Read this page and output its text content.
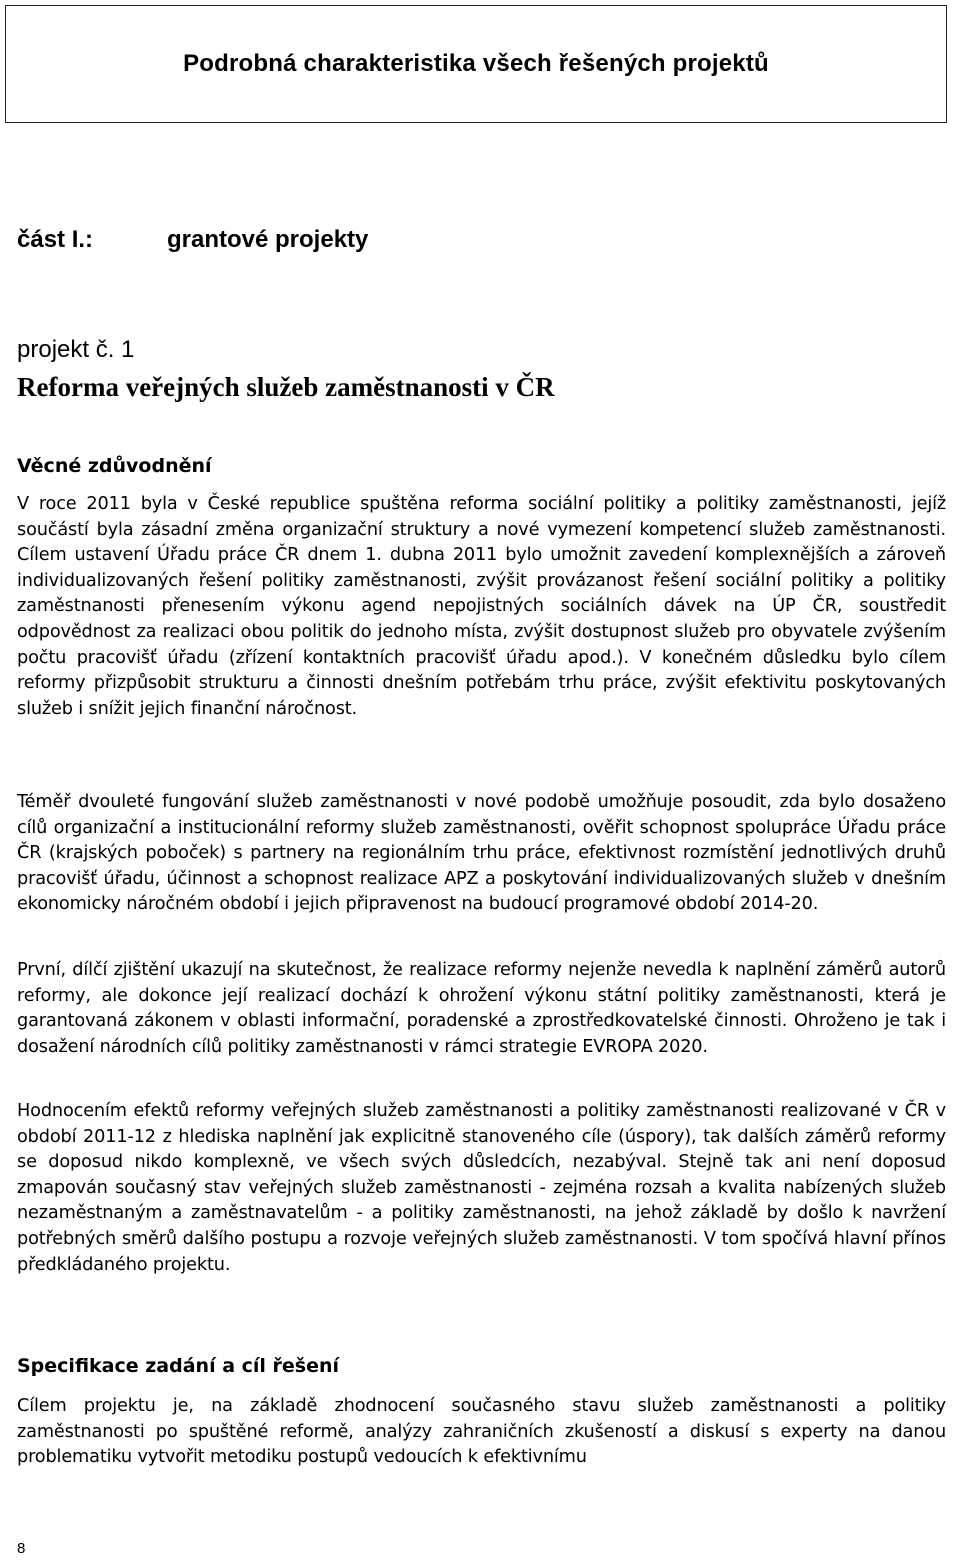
Podrobná charakteristika všech řešených projektů
část I.:	grantové projekty
projekt č. 1
Reforma veřejných služeb zaměstnanosti v ČR
Věcné zdůvodnění

V roce 2011 byla v České republice spuštěna reforma sociální politiky a politiky zaměstnanosti, jejíž součástí byla zásadní změna organizační struktury a nové vymezení kompetencí služeb zaměstnanosti. Cílem ustavení Úřadu práce ČR dnem 1. dubna 2011 bylo umožnit zavedení komplexnějších a zároveň individualizovaných řešení politiky zaměstnanosti, zvýšit provázanost řešení sociální politiky a politiky zaměstnanosti přenesením výkonu agend nepojistných sociálních dávek na ÚP ČR, soustředit odpovědnost za realizaci obou politik do jednoho místa, zvýšit dostupnost služeb pro obyvatele zvýšením počtu pracovišť úřadu (zřízení kontaktních pracovišť úřadu apod.). V konečném důsledku bylo cílem reformy přizpůsobit strukturu a činnosti dnešním potřebám trhu práce, zvýšit efektivitu poskytovaných služeb i snížit jejich finanční náročnost.

Téměř dvouleté fungování služeb zaměstnanosti v nové podobě umožňuje posoudit, zda bylo dosaženo cílů organizační a institucionální reformy služeb zaměstnanosti, ověřit schopnost spolupráce Úřadu práce ČR (krajských poboček) s partnery na regionálním trhu práce, efektivnost rozmístění jednotlivých druhů pracovišť úřadu, účinnost a schopnost realizace APZ a poskytování individualizovaných služeb v dnešním ekonomicky náročném období i jejich připravenost na budoucí programové období 2014-20.

První, dílčí zjištění ukazují na skutečnost, že realizace reformy nejenže nevedla k naplnění záměrů autorů reformy, ale dokonce její realizací dochází k ohrožení výkonu státní politiky zaměstnanosti, která je garantovaná zákonem v oblasti informační, poradenské a zprostředkovatelské činnosti. Ohroženo je tak i dosažení národních cílů politiky zaměstnanosti v rámci strategie EVROPA 2020.

Hodnocením efektů reformy veřejných služeb zaměstnanosti a politiky zaměstnanosti realizované v ČR v období 2011-12 z hlediska naplnění jak explicitně stanoveného cíle (úspory), tak dalších záměrů reformy se doposud nikdo komplexně, ve všech svých důsledcích, nezabýval. Stejně tak ani není doposud zmapován současný stav veřejných služeb zaměstnanosti - zejména rozsah a kvalita nabízených služeb nezaměstnaným a zaměstnavatelům - a politiky zaměstnanosti, na jehož základě by došlo k navržení potřebných směrů dalšího postupu a rozvoje veřejných služeb zaměstnanosti. V tom spočívá hlavní přínos předkládaného projektu.

Specifikace zadání a cíl řešení

Cílem projektu je, na základě zhodnocení současného stavu služeb zaměstnanosti a politiky zaměstnanosti po spuštěné reformě, analýzy zahraničních zkušeností a diskusí s experty na danou problematiku vytvořit metodiku postupů vedoucích k efektivnímu

8
